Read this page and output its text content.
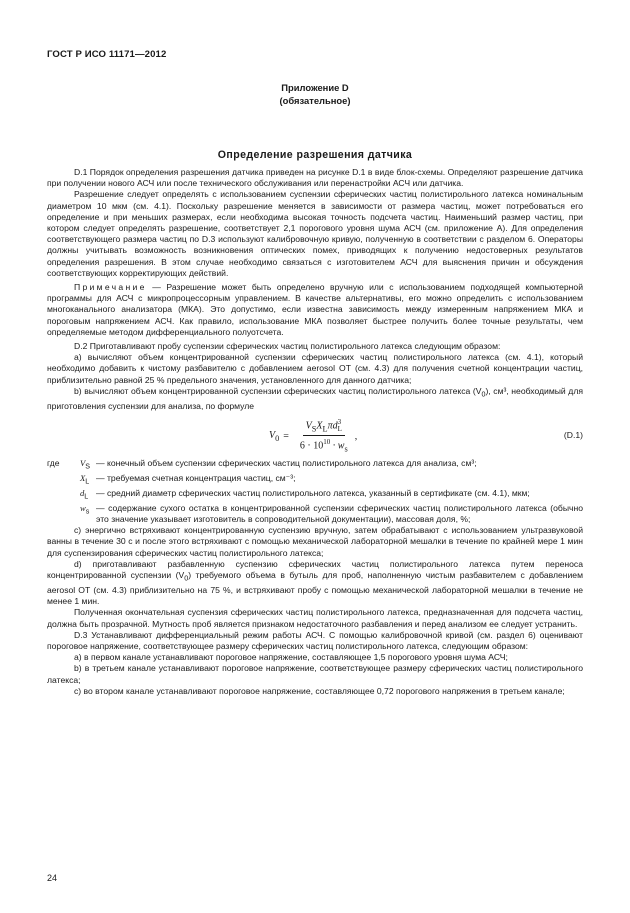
ГОСТ Р ИСО 11171—2012
Приложение D
(обязательное)
Определение разрешения датчика

D.1 Порядок определения разрешения датчика приведен на рисунке D.1 в виде блок-схемы. Определяют разрешение датчика при получении нового АСЧ или после технического обслуживания или перенастройки АСЧ или датчика.

Разрешение следует определять с использованием суспензии сферических частиц полистирольного латекса номинальным диаметром 10 мкм (см. 4.1). Поскольку разрешение меняется в зависимости от размера частиц, может потребоваться его определение и при меньших размерах, если необходима высокая точность подсчета частиц. Наименьший размер частиц, при котором следует определять разрешение, соответствует 2,1 порогового уровня шума АСЧ (см. приложение А). Для определения соответствующего размера частиц по D.3 используют калибровочную кривую, полученную в соответствии с разделом 6. Операторы должны учитывать возможность возникновения оптических помех, приводящих к получению недостоверных результатов определения разрешения. В этом случае необходимо связаться с изготовителем АСЧ для выяснения причин и обсуждения соответствующих корректирующих действий.

Примечание — Разрешение может быть определено вручную или с использованием подходящей компьютерной программы для АСЧ с микропроцессорным управлением. В качестве альтернативы, его можно определить с использованием многоканального анализатора (МКА). Это допустимо, если известна зависимость между измеренным напряжением МКА и пороговым напряжением АСЧ. Как правило, использование МКА позволяет быстрее получить более точные результаты, чем определяемые методом дифференциального полуотсчета.

D.2 Приготавливают пробу суспензии сферических частиц полистирольного латекса следующим образом:

a) вычисляют объем концентрированной суспензии сферических частиц полистирольного латекса (см. 4.1), который необходимо добавить к чистому разбавителю с добавлением aerosol ОТ (см. 4.3) для получения счетной концентрации частиц, приблизительно равной 25 % предельного значения, установленного для данного датчика;

b) вычисляют объем концентрированной суспензии сферических частиц полистирольного латекса $(V_0)$, см³, необходимый для приготовления суспензии для анализа, по формуле

$V_0 = V_SX_L\pi d$ 3
L
$6 \cdot 10^{10} \cdot w_s$ ,	(D.1)
где	$V_S$ — конечный объем суспензии сферических частиц полистирольного латекса для анализа, см³;
$X_L$ — требуемая счетная концентрация частиц, см⁻³;
$d_L$ — средний диаметр сферических частиц полистирольного латекса, указанный в сертификате (см. 4.1), мкм;
$w_s$ — содержание сухого остатка в концентрированной суспензии сферических частиц полистирольного латекса (обычно это значение указывает изготовитель в сопроводительной документации), массовая доля, %;

c) энергично встряхивают концентрированную суспензию вручную, затем обрабатывают с использованием ультразвуковой ванны в течение 30 с и после этого встряхивают с помощью механической лабораторной мешалки в течение по крайней мере 1 мин для суспензирования сферических частиц полистирольного латекса;

d) приготавливают разбавленную суспензию сферических частиц полистирольного латекса путем переноса концентрированной суспензии $(V_0)$ требуемого объема в бутыль для проб, наполненную чистым разбавителем с добавлением aerosol ОТ (см. 4.3) приблизительно на 75 %, и встряхивают пробу с помощью механической лабораторной мешалки в течение не менее 1 мин.

Полученная окончательная суспензия сферических частиц полистирольного латекса, предназначенная для подсчета частиц, должна быть прозрачной. Мутность проб является признаком недостаточного разбавления и перед анализом ее следует устранить.

D.3 Устанавливают дифференциальный режим работы АСЧ. С помощью калибровочной кривой (см. раздел 6) оценивают пороговое напряжение, соответствующее размеру сферических частиц полистирольного латекса, следующим образом:

a) в первом канале устанавливают пороговое напряжение, составляющее 1,5 порогового уровня шума АСЧ;

b) в третьем канале устанавливают пороговое напряжение, соответствующее размеру сферических частиц полистирольного латекса;

c) во втором канале устанавливают пороговое напряжение, составляющее 0,72 порогового напряжения в третьем канале;

24
